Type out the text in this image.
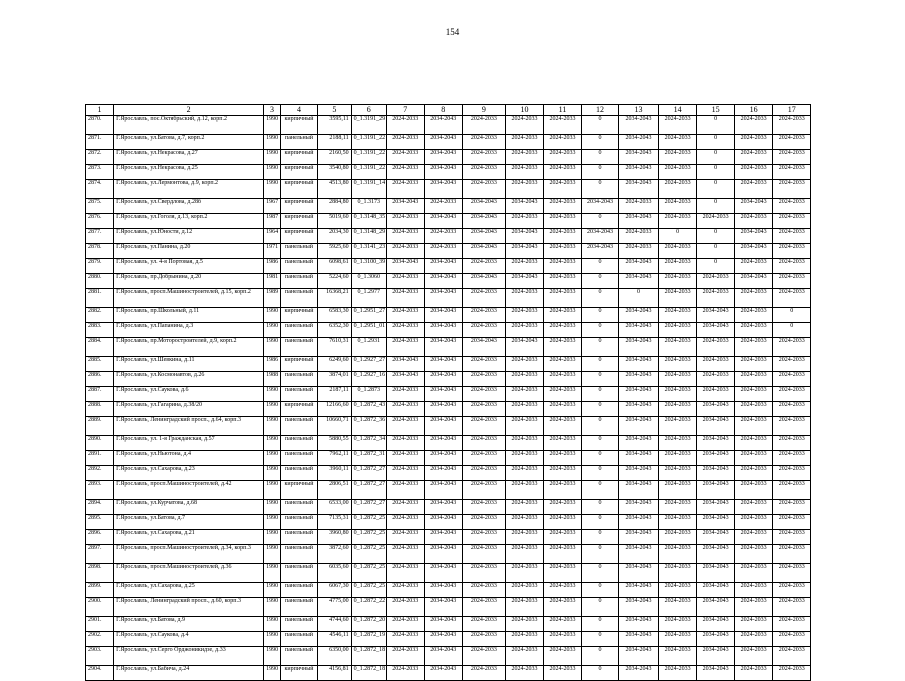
154
1	2	3	4	5	6	7	8	9	10	11	12	13	14	15	16	17
2870.	Г.Ярославль, пос.Октябрьский, д.12, корп.2	1990	кирпичный	3595,11	0_1.3191_29	2024-2033	2034-2043	2024-2033	2024-2033	2024-2033	0	2034-2043	2024-2033	0	2024-2033	2024-2033
2871.	Г.Ярославль, ул.Батова, д.7, корп.2	1990	панельный	2188,11	0_1.3191_22	2024-2033	2034-2043	2024-2033	2024-2033	2024-2033	0	2034-2043	2024-2033	0	2024-2033	2024-2033
2872.	Г.Ярославль, ул.Некрасова, д.27	1990	кирпичный	2160,50	0_1.3191_22	2024-2033	2034-2043	2024-2033	2024-2033	2024-2033	0	2034-2043	2024-2033	0	2024-2033	2024-2033
2873.	Г.Ярославль, ул.Некрасова, д.25	1990	кирпичный	3540,80	0_1.3191_22	2024-2033	2034-2043	2024-2033	2024-2033	2024-2033	0	2034-2043	2024-2033	0	2024-2033	2024-2033
2874.	Г.Ярославль, ул.Лермонтова, д.9, корп.2	1990	кирпичный	4513,80	0_1.3191_14	2024-2033	2034-2043	2024-2033	2024-2033	2024-2033	0	2034-2043	2024-2033	0	2024-2033	2024-2033
2875.	Г.Ярославль, ул.Свердлова, д.28б	1967	кирпичный	2884,80	0_1.3173	2034-2043	2024-2033	2034-2043	2034-2043	2024-2033	2034-2043	2024-2033	2024-2033	0	2034-2043	2024-2033
2876.	Г.Ярославль, ул.Гоголя, д.13, корп.2	1987	кирпичный	5019,60	0_1.3148_35	2024-2033	2034-2043	2034-2043	2024-2033	2024-2033	0	2034-2043	2024-2033	2024-2033	2024-2033	2024-2033
2877.	Г.Ярославль, ул.Юности, д.12	1964	кирпичный	2034,30	0_1.3148_29	2024-2033	2024-2033	2034-2043	2034-2043	2024-2033	2034-2043	2024-2033	0	0	2034-2043	2024-2033
2878.	Г.Ярославль, ул.Панина, д.20	1971	панельный	5925,60	0_1.3141_23	2024-2033	2024-2033	2034-2043	2034-2043	2024-2033	2034-2043	2024-2033	2024-2033	0	2034-2043	2024-2033
2879.	Г.Ярославль, ул. 4-я Портовая, д.5	1986	панельный	6098,61	0_1.3100_39	2034-2043	2034-2043	2024-2033	2024-2033	2024-2033	0	2034-2043	2024-2033	0	2024-2033	2024-2033
2880.	Г.Ярославль, пр.Добрынина, д.20	1981	панельный	5224,60	0_1.3060	2024-2033	2034-2043	2034-2043	2034-2043	2024-2033	0	2034-2043	2024-2033	2024-2033	2034-2043	2024-2033
2881.	Г.Ярославль, просп.Машиностроителей, д.15, корп.2	1989	панельный	16368,21	0_1.2977	2024-2033	2034-2043	2024-2033	2024-2033	2024-2033	0	0	2024-2033	2024-2033	2024-2033	2024-2033
2882.	Г.Ярославль, пр.Школьный, д.11	1990	кирпичный	6583,30	0_1.2951_27	2024-2033	2034-2043	2024-2033	2024-2033	2024-2033	0	2034-2043	2024-2033	2034-2043	2024-2033	0
2883.	Г.Ярославль, ул.Папанина, д.3	1990	панельный	6352,30	0_1.2951_01	2024-2033	2034-2043	2024-2033	2024-2033	2024-2033	0	2034-2043	2024-2033	2034-2043	2024-2033	0
2884.	Г.Ярославль, пр.Моторостроителей, д.9, корп.2	1990	панельный	7610,31	0_1.2931	2024-2033	2034-2043	2034-2043	2034-2043	2024-2033	0	2034-2043	2024-2033	2024-2033	2024-2033	2024-2033
2885.	Г.Ярославль, ул.Шевкина, д.11	1986	кирпичный	6249,60	0_1.2927_27	2034-2043	2034-2043	2024-2033	2024-2033	2024-2033	0	2034-2043	2024-2033	2024-2033	2024-2033	2024-2033
2886.	Г.Ярославль, ул.Космонавтов, д.26	1988	панельный	3874,01	0_1.2927_16	2034-2043	2034-2043	2024-2033	2024-2033	2024-2033	0	2034-2043	2024-2033	2024-2033	2024-2033	2024-2033
2887.	Г.Ярославль, ул.Саукова, д.6	1990	панельный	2187,11	0_1.2873	2024-2033	2034-2043	2024-2033	2024-2033	2024-2033	0	2034-2043	2024-2033	2024-2033	2024-2033	2024-2033
2888.	Г.Ярославль, ул.Гагарина, д.38/20	1990	кирпичный	12166,60	0_1.2872_43	2024-2033	2034-2043	2024-2033	2024-2033	2024-2033	0	2034-2043	2024-2033	2034-2043	2024-2033	2024-2033
2889.	Г.Ярославль, Ленинградский просп., д.64, корп.3	1990	панельный	10660,71	0_1.2872_36	2024-2033	2034-2043	2024-2033	2024-2033	2024-2033	0	2034-2043	2024-2033	2034-2043	2024-2033	2024-2033
2890.	Г.Ярославль, ул. 1-я Гражданская, д.57	1990	панельный	5880,55	0_1.2872_34	2024-2033	2034-2043	2024-2033	2024-2033	2024-2033	0	2034-2043	2024-2033	2034-2043	2024-2033	2024-2033
2891.	Г.Ярославль, ул.Ньютона, д.4	1990	панельный	7962,11	0_1.2872_31	2024-2033	2034-2043	2024-2033	2024-2033	2024-2033	0	2034-2043	2024-2033	2034-2043	2024-2033	2024-2033
2892.	Г.Ярославль, ул.Сахарова, д.23	1990	панельный	3960,11	0_1.2872_27	2024-2033	2034-2043	2024-2033	2024-2033	2024-2033	0	2034-2043	2024-2033	2034-2043	2024-2033	2024-2033
2893.	Г.Ярославль, просп.Машиностроителей, д.42	1990	кирпичный	2806,51	0_1.2872_27	2024-2033	2034-2043	2024-2033	2024-2033	2024-2033	0	2034-2043	2024-2033	2034-2043	2024-2033	2024-2033
2894.	Г.Ярославль, ул.Курчатова, д.68	1990	панельный	6533,00	0_1.2872_27	2024-2033	2034-2043	2024-2033	2024-2033	2024-2033	0	2034-2043	2024-2033	2034-2043	2024-2033	2024-2033
2895.	Г.Ярославль, ул.Батова, д.7	1990	панельный	7135,31	0_1.2872_25	2024-2033	2034-2043	2024-2033	2024-2033	2024-2033	0	2034-2043	2024-2033	2034-2043	2024-2033	2024-2033
2896.	Г.Ярославль, ул.Сахарова, д.21	1990	панельный	3960,80	0_1.2872_25	2024-2033	2034-2043	2024-2033	2024-2033	2024-2033	0	2034-2043	2024-2033	2034-2043	2024-2033	2024-2033
2897.	Г.Ярославль, просп.Машиностроителей, д.34, корп.3	1990	панельный	3872,60	0_1.2872_25	2024-2033	2034-2043	2024-2033	2024-2033	2024-2033	0	2034-2043	2024-2033	2034-2043	2024-2033	2024-2033
2898.	Г.Ярославль, просп.Машиностроителей, д.36	1990	панельный	6035,60	0_1.2872_25	2024-2033	2034-2043	2024-2033	2024-2033	2024-2033	0	2034-2043	2024-2033	2034-2043	2024-2033	2024-2033
2899.	Г.Ярославль, ул.Сахарова, д.25	1990	панельный	6067,30	0_1.2872_25	2024-2033	2034-2043	2024-2033	2024-2033	2024-2033	0	2034-2043	2024-2033	2034-2043	2024-2033	2024-2033
2900.	Г.Ярославль, Ленинградский просп., д.60, корп.3	1990	панельный	4775,00	0_1.2872_22	2024-2033	2034-2043	2024-2033	2024-2033	2024-2033	0	2034-2043	2024-2033	2034-2043	2024-2033	2024-2033
2901.	Г.Ярославль, ул.Батова, д.9	1990	панельный	4744,60	0_1.2872_20	2024-2033	2034-2043	2024-2033	2024-2033	2024-2033	0	2034-2043	2024-2033	2034-2043	2024-2033	2024-2033
2902.	Г.Ярославль, ул.Саукова, д.4	1990	панельный	4546,11	0_1.2872_19	2024-2033	2034-2043	2024-2033	2024-2033	2024-2033	0	2034-2043	2024-2033	2034-2043	2024-2033	2024-2033
2903.	Г.Ярославль, ул.Серго Орджоникидзе, д.33	1990	панельный	6350,00	0_1.2872_18	2024-2033	2034-2043	2024-2033	2024-2033	2024-2033	0	2034-2043	2024-2033	2034-2043	2024-2033	2024-2033
2904.	Г.Ярославль, ул.Бабича, д.24	1990	кирпичный	4156,81	0_1.2872_18	2024-2033	2034-2043	2024-2033	2024-2033	2024-2033	0	2034-2043	2024-2033	2034-2043	2024-2033	2024-2033
